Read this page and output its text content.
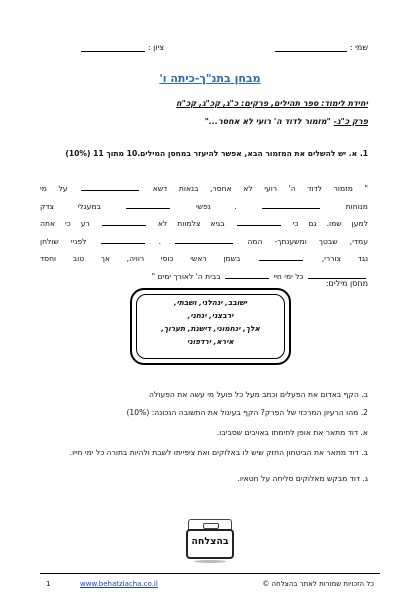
שמי :
ציון :
מבחן בתנ"ך-כיתה ו'
יחידת לימוד: ספר תהילים, פרקים: כ"ג, קכ"ג, קכ"ח
פרק כ"ג- "מזמור לדוד ה' רועי לא אחסר..."
1. א. יש להשלים את המזמור הבא, אפשר להיעזר במחסן המילים.10 מתוך 11 (10%)
" מזמור לדוד ה' רועי לא אחסר, בנאות דשא  על מי
מנוחות  . נפשי  במעגלי צדק
למען שמו. גם כי  בגיא צלמוות לא  רע כי אתה
עמדי, שבטך ומשענתך- המה  .  לפניי שולחן
נגד צוררי,  בשמן ראשי כוסי רוויה, אך טוב וחסד
כל ימי חיי  בבית ה' לאורך ימים "
מחסן מילים:
ישובב, ינהלני, ושבתי,
ירבצני, ינחני,
אלך, ינחמוני, דישנת, תערוך,
אירא, ירדפוני
ב. הקף באדום את הפעלים וכתב מעל כל פועל מי עשה את הפעולה
2. מהו הרעיון המרכזי של הפרק? הקף בעיגול את התשובה הנכונה: (10%)
א. דוד מתאר את אופן לחימתו באויבים שסביבו.
ב. דוד מתאר את הביטחון החזק שיש לו באלוקים ואת ציפייתו לשבת ולהיות בתורה כל ימי חייו.
ג. דוד מבקש מאלוקים סליחה על חטאיו.
בהצלחה
1	www.behatzlacha.co.il	כל הזכויות שמורות לאתר בהצלחה ©
